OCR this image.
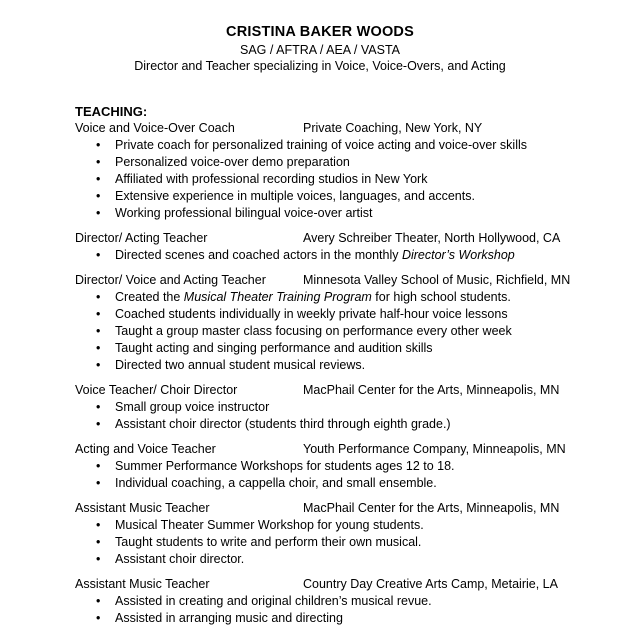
CRISTINA BAKER WOODS
SAG / AFTRA / AEA / VASTA
Director and Teacher specializing in Voice, Voice-Overs, and Acting
TEACHING:
Voice and Voice-Over Coach	Private Coaching, New York, NY
• Private coach for personalized training of voice acting and voice-over skills
• Personalized voice-over demo preparation
• Affiliated with professional recording studios in New York
• Extensive experience in multiple voices, languages, and accents.
• Working professional bilingual voice-over artist
Director/ Acting Teacher	Avery Schreiber Theater, North Hollywood, CA
• Directed scenes and coached actors in the monthly Director’s Workshop
Director/ Voice and Acting Teacher	Minnesota Valley School of Music, Richfield, MN
• Created the Musical Theater Training Program for high school students.
• Coached students individually in weekly private half-hour voice lessons
• Taught a group master class focusing on performance every other week
• Taught acting and singing performance and audition skills
• Directed two annual student musical reviews.
Voice Teacher/ Choir Director	MacPhail Center for the Arts, Minneapolis, MN
• Small group voice instructor
• Assistant choir director (students third through eighth grade.)
Acting and Voice Teacher	Youth Performance Company, Minneapolis, MN
• Summer Performance Workshops for students ages 12 to 18.
• Individual coaching, a cappella choir, and small ensemble.
Assistant Music Teacher	MacPhail Center for the Arts, Minneapolis, MN
• Musical Theater Summer Workshop for young students.
• Taught students to write and perform their own musical.
• Assistant choir director.
Assistant Music Teacher	Country Day Creative Arts Camp, Metairie, LA
• Assisted in creating and original children’s musical revue.
• Assisted in arranging music and directing
